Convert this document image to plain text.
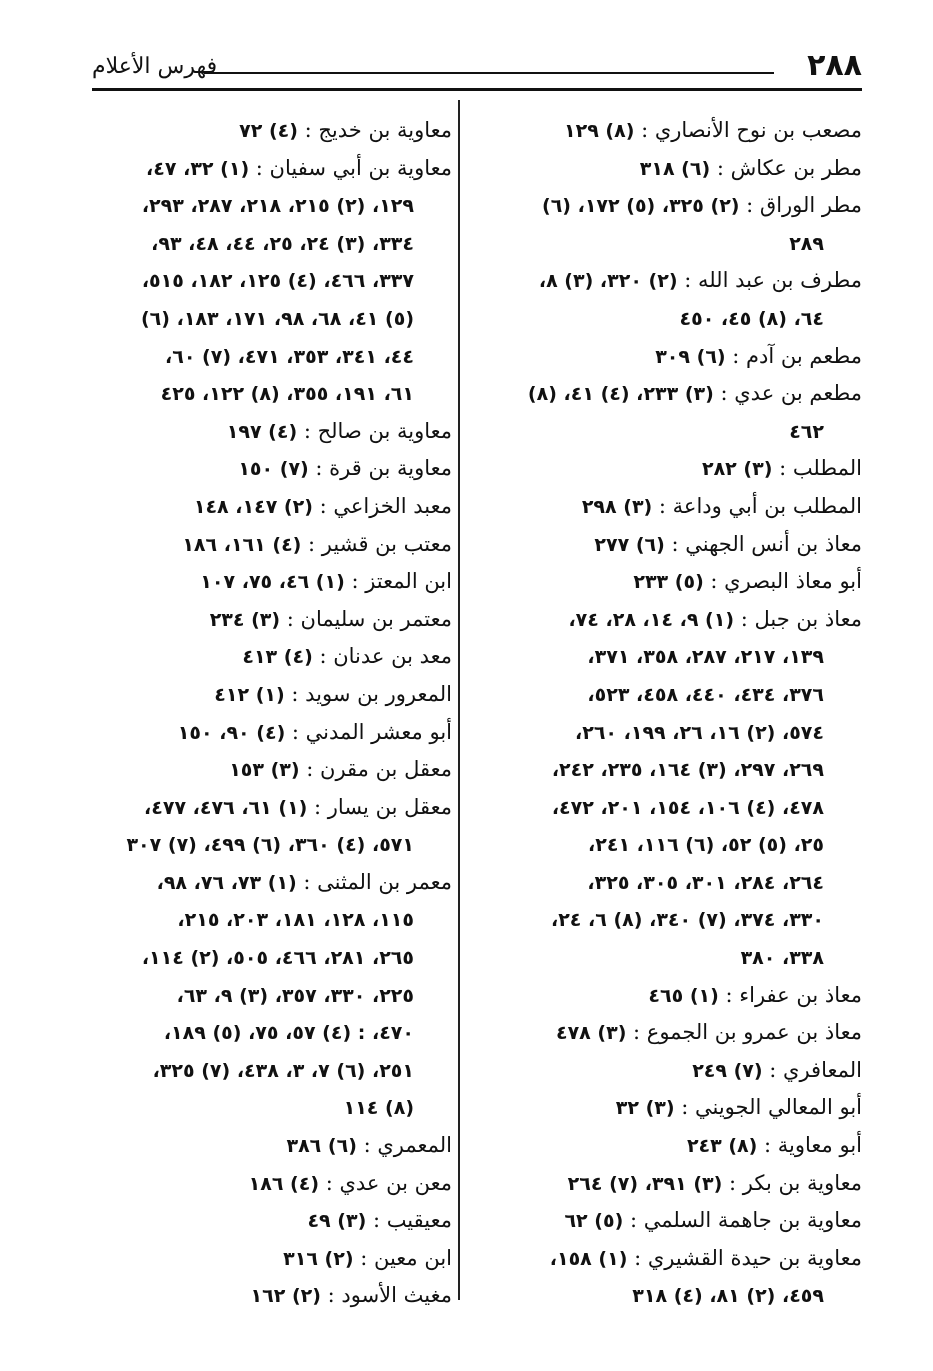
٢٨٨
فهرس الأعلام
مصعب بن نوح الأنصاري : (٨) ١٢٩
مطر بن عكاش : (٦) ٣١٨
مطر الوراق : (٢) ٣٢٥، (٥) ١٧٢، (٦)
٢٨٩
مطرف بن عبد الله : (٢) ٣٢٠، (٣) ٨،
٦٤، (٨) ٤٥، ٤٥٠
مطعم بن آدم : (٦) ٣٠٩
مطعم بن عدي : (٣) ٢٣٣، (٤) ٤١، (٨)
٤٦٢
المطلب : (٣) ٢٨٢
المطلب بن أبي وداعة : (٣) ٢٩٨
معاذ بن أنس الجهني : (٦) ٢٧٧
أبو معاذ البصري : (٥) ٢٣٣
معاذ بن جبل : (١) ٩، ١٤، ٢٨، ٧٤،
١٣٩، ٢١٧، ٢٨٧، ٣٥٨، ٣٧١،
٣٧٦، ٤٣٤، ٤٤٠، ٤٥٨، ٥٢٣،
٥٧٤، (٢) ١٦، ٢٦، ١٩٩، ٢٦٠،
٢٦٩، ٢٩٧، (٣) ١٦٤، ٢٣٥، ٢٤٢،
٤٧٨، (٤) ١٠٦، ١٥٤، ٢٠١، ٤٧٢،
٢٥، (٥) ٥٢، (٦) ١١٦، ٢٤١،
٢٦٤، ٢٨٤، ٣٠١، ٣٠٥، ٣٢٥،
٣٣٠، ٣٧٤، (٧) ٣٤٠، (٨) ٦، ٢٤،
٣٣٨، ٣٨٠
معاذ بن عفراء : (١) ٤٦٥
معاذ بن عمرو بن الجموع : (٣) ٤٧٨
المعافري : (٧) ٢٤٩
أبو المعالي الجويني : (٣) ٣٢
أبو معاوية : (٨) ٢٤٣
معاوية بن بكر : (٣) ٣٩١، (٧) ٢٦٤
معاوية بن جاهمة السلمي : (٥) ٦٢
معاوية بن حيدة القشيري : (١) ١٥٨،
٤٥٩، (٢) ٨١، (٤) ٣١٨
معاوية بن خديج : (٤) ٧٢
معاوية بن أبي سفيان : (١) ٣٢، ٤٧،
١٢٩، (٢) ٢١٥، ٢١٨، ٢٨٧، ٢٩٣،
٣٣٤، (٣) ٢٤، ٢٥، ٤٤، ٤٨، ٩٣،
٣٣٧، ٤٦٦، (٤) ١٢٥، ١٨٢، ٥١٥،
(٥) ٤١، ٦٨، ٩٨، ١٧١، ١٨٣، (٦)
٤٤، ٣٤١، ٣٥٣، ٤٧١، (٧) ٦٠،
٦١، ١٩١، ٣٥٥، (٨) ١٢٢، ٤٢٥
معاوية بن صالح : (٤) ١٩٧
معاوية بن قرة : (٧) ١٥٠
معبد الخزاعي : (٢) ١٤٧، ١٤٨
معتب بن قشير : (٤) ١٦١، ١٨٦
ابن المعتز : (١) ٤٦، ٧٥، ١٠٧
معتمر بن سليمان : (٣) ٢٣٤
معد بن عدنان : (٤) ٤١٣
المعرور بن سويد : (١) ٤١٢
أبو معشر المدني : (٤) ٩٠، ١٥٠
معقل بن مقرن : (٣) ١٥٣
معقل بن يسار : (١) ٦١، ٤٧٦، ٤٧٧،
٥٧١، (٤) ٣٦٠، (٦) ٤٩٩، (٧) ٣٠٧
معمر بن المثنى : (١) ٧٣، ٧٦، ٩٨،
١١٥، ١٢٨، ١٨١، ٢٠٣، ٢١٥،
٢٦٥، ٢٨١، ٤٦٦، ٥٠٥، (٢) ١١٤،
٢٢٥، ٣٣٠، ٣٥٧، (٣) ٩، ٦٣،
٤٧٠، : (٤) ٥٧، ٧٥، (٥) ١٨٩،
٢٥١، (٦) ٧، ٣، ٤٣٨، (٧) ٣٢٥،
(٨) ١١٤
المعمري : (٦) ٣٨٦
معن بن عدي : (٤) ١٨٦
معيقيب : (٣) ٤٩
ابن معين : (٢) ٣١٦
مغيث الأسود : (٢) ١٦٢
